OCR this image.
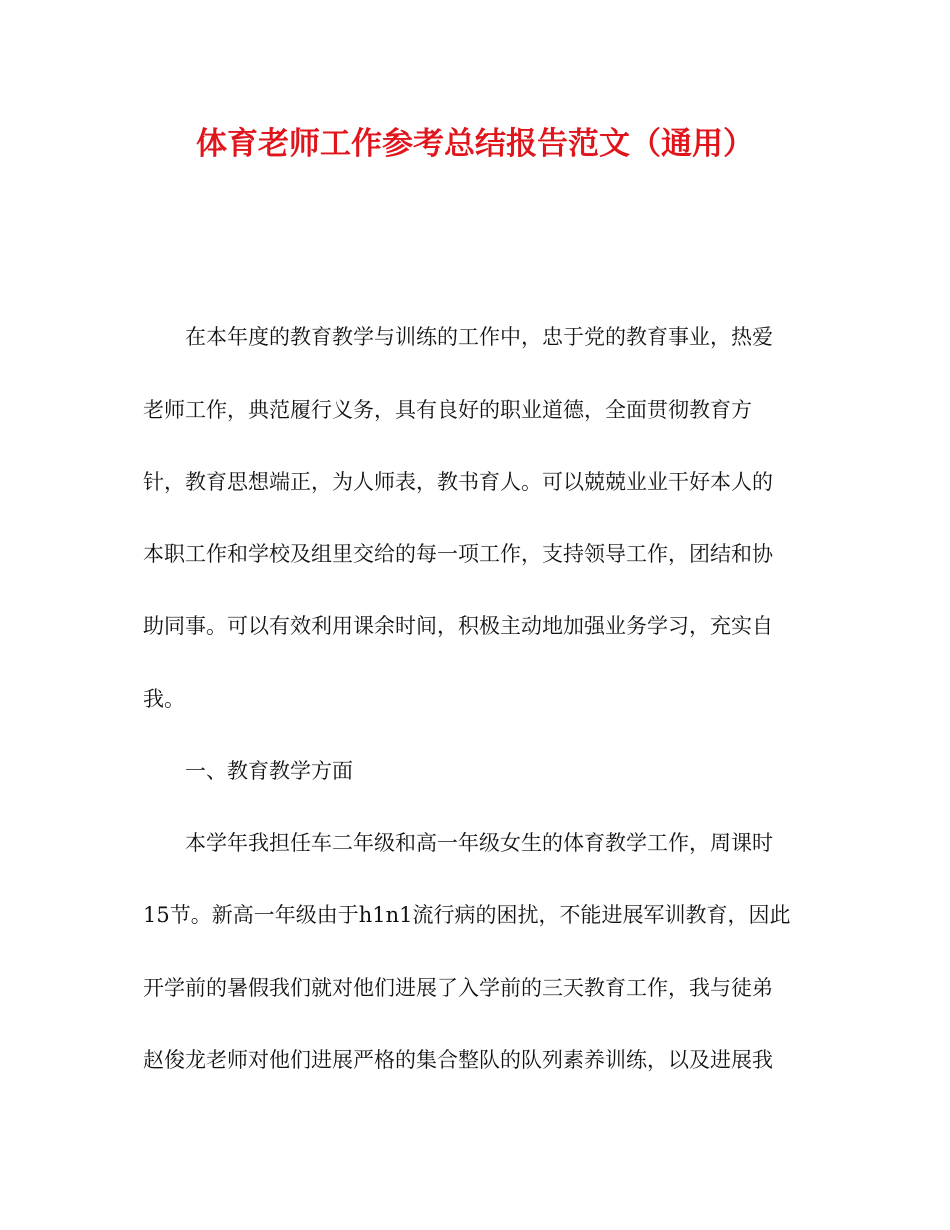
体育老师工作参考总结报告范文（通用）
　　在本年度的教育教学与训练的工作中，忠于党的教育事业，热爱
老师工作，典范履行义务，具有良好的职业道德，全面贯彻教育方
针，教育思想端正，为人师表，教书育人。可以兢兢业业干好本人的
本职工作和学校及组里交给的每一项工作，支持领导工作，团结和协
助同事。可以有效利用课余时间，积极主动地加强业务学习，充实自
我。
　　一、教育教学方面
　　本学年我担任车二年级和高一年级女生的体育教学工作，周课时
15节。新高一年级由于h1n1流行病的困扰，不能进展军训教育，因此
开学前的暑假我们就对他们进展了入学前的三天教育工作，我与徒弟
赵俊龙老师对他们进展严格的集合整队的队列素养训练，以及进展我
